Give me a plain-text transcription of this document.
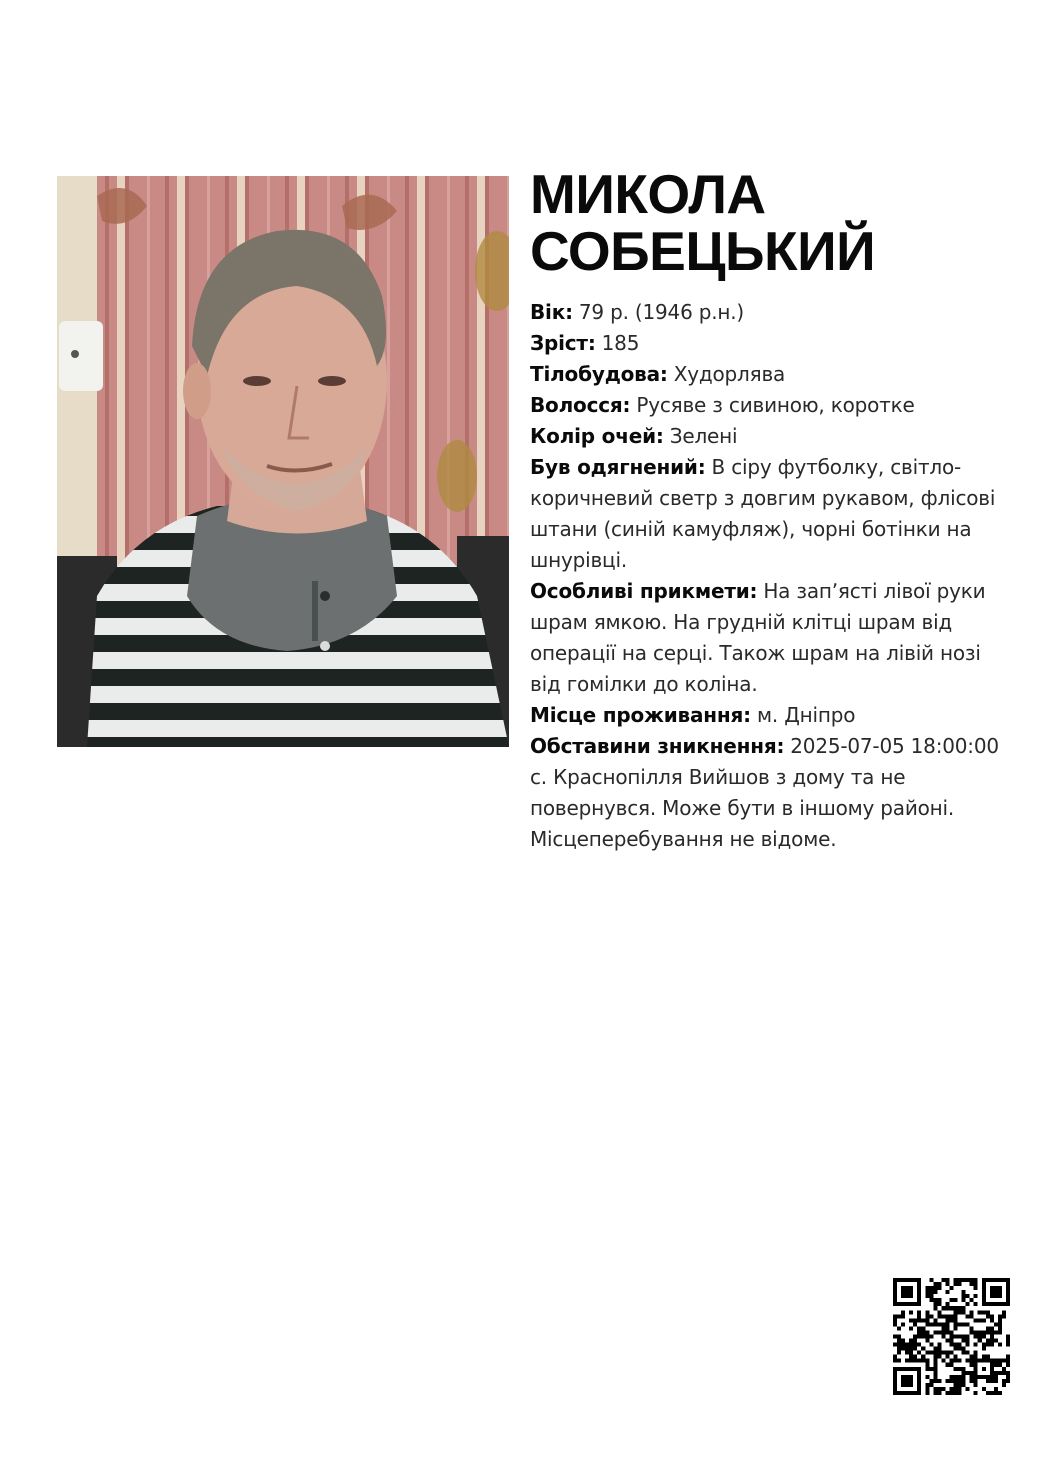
МИКОЛА
СОБЕЦЬКИЙ

Вік: 79 р. (1946 р.н.)

Зріст: 185

Тілобудова: Худорлява

Волосся: Русяве з сивиною, коротке

Колір очей: Зелені

Був одягнений: В сіру футболку, світло-коричневий светр з довгим рукавом, флісові штани (синій камуфляж), чорні ботінки на шнурівці.

Особливі прикмети: На запʼясті лівої руки шрам ямкою. На грудній клітці шрам від операції на серці. Також шрам на лівій нозі від гомілки до коліна.

Місце проживання: м. Дніпро

Обставини зникнення: 2025-07-05 18:00:00 с. Краснопілля Вийшов з дому та не повернувся. Може бути в іншому районі. Місцеперебування не відоме.
